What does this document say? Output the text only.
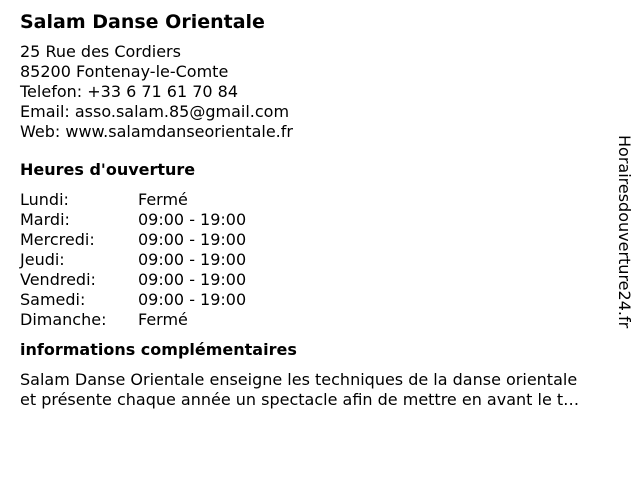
Salam Danse Orientale
25 Rue des Cordiers
85200 Fontenay-le-Comte
Telefon: +33 6 71 61 70 84
Email: asso.salam.85@gmail.com
Web: www.salamdanseorientale.fr
Heures d'ouverture
Lundi:	Fermé
Mardi:	09:00 - 19:00
Mercredi:	09:00 - 19:00
Jeudi:	09:00 - 19:00
Vendredi:	09:00 - 19:00
Samedi:	09:00 - 19:00
Dimanche:	Fermé
informations complémentaires
Salam Danse Orientale enseigne les techniques de la danse orientale
et présente chaque année un spectacle afin de mettre en avant le t…
Horairesdouverture24.fr
